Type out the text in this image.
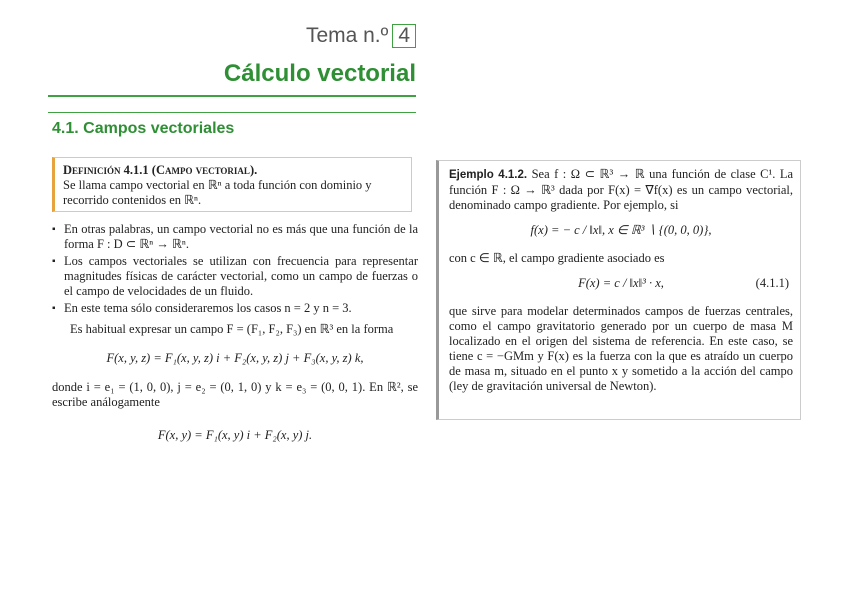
Tema n.º 4
Cálculo vectorial
4.1. Campos vectoriales
Definición 4.1.1 (Campo vectorial).
Se llama campo vectorial en ℝⁿ a toda función con dominio y recorrido contenidos en ℝⁿ.
▪ En otras palabras, un campo vectorial no es más que una función de la forma F : D ⊂ ℝⁿ → ℝⁿ.
▪ Los campos vectoriales se utilizan con frecuencia para representar magnitudes físicas de carácter vectorial, como un campo de fuerzas o el campo de velocidades de un fluido.
▪ En este tema sólo consideraremos los casos n = 2 y n = 3.

Es habitual expresar un campo F = (F₁, F₂, F₃) en ℝ³ en la forma

F(x, y, z) = F₁(x, y, z) i + F₂(x, y, z) j + F₃(x, y, z) k,

donde i = e₁ = (1, 0, 0), j = e₂ = (0, 1, 0) y k = e₃ = (0, 0, 1). En ℝ², se escribe análogamente

F(x, y) = F₁(x, y) i + F₂(x, y) j.

Ejemplo 4.1.2. Sea f : Ω ⊂ ℝ³ → ℝ una función de clase C¹. La función F : Ω → ℝ³ dada por F(x) = ∇f(x) es un campo vectorial, denominado campo gradiente. Por ejemplo, si

f(x) = − c / ‖x‖, x ∈ ℝ³ ∖ {(0, 0, 0)},

con c ∈ ℝ, el campo gradiente asociado es

F(x) = c / ‖x‖³ · x,	(4.1.1)

que sirve para modelar determinados campos de fuerzas centrales, como el campo gravitatorio generado por un cuerpo de masa M localizado en el origen del sistema de referencia. En este caso, se tiene c = −GMm y F(x) es la fuerza con la que es atraído un cuerpo de masa m, situado en el punto x y sometido a la acción del campo (ley de gravitación universal de Newton).
